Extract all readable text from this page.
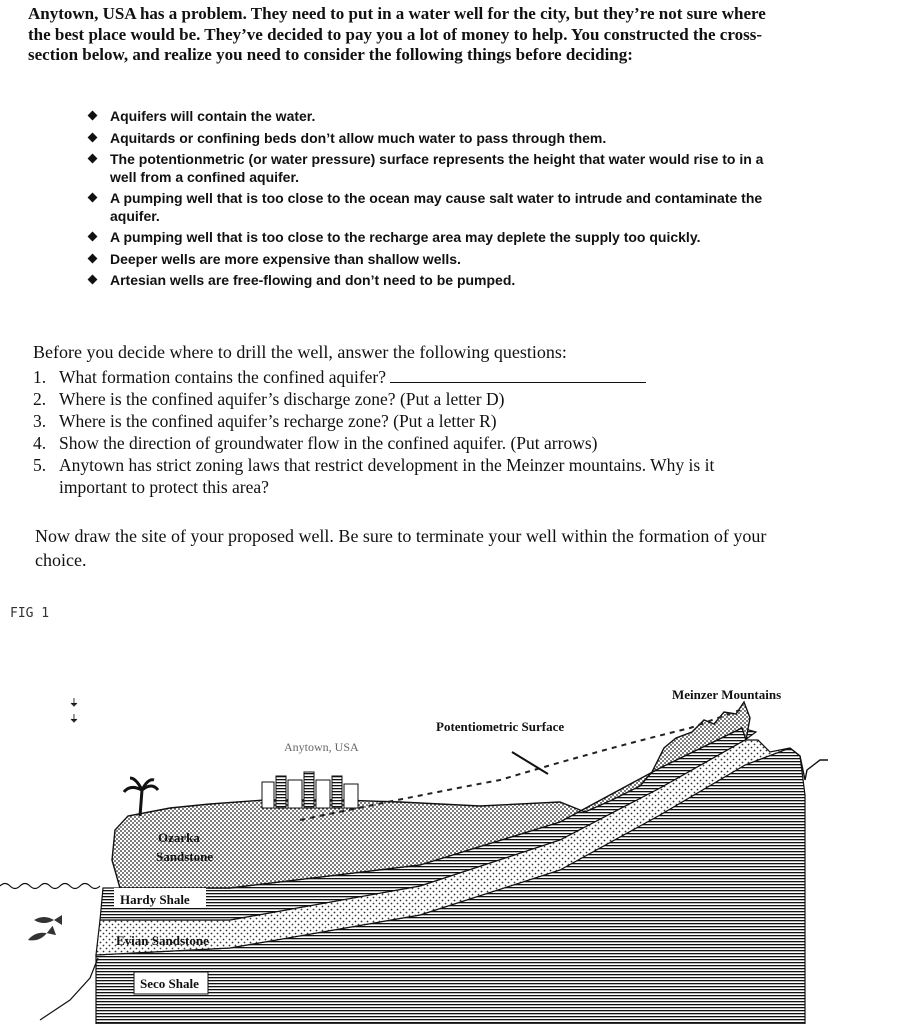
Anytown, USA has a problem. They need to put in a water well for the city, but they’re not sure where the best place would be. They’ve decided to pay you a lot of money to help. You constructed the cross-section below, and realize you need to consider the following things before deciding:

Aquifers will contain the water.
Aquitards or confining beds don’t allow much water to pass through them.
The potentionmetric (or water pressure) surface represents the height that water would rise to in a well from a confined aquifer.
A pumping well that is too close to the ocean may cause salt water to intrude and contaminate the aquifer.
A pumping well that is too close to the recharge area may deplete the supply too quickly.
Deeper wells are more expensive than shallow wells.
Artesian wells are free-flowing and don’t need to be pumped.

Before you decide where to drill the well, answer the following questions:

1. What formation contains the confined aquifer?
2. Where is the confined aquifer’s discharge zone? (Put a letter D)
3. Where is the confined aquifer’s recharge zone? (Put a letter R)
4. Show the direction of groundwater flow in the confined aquifer. (Put arrows)
5. Anytown has strict zoning laws that restrict development in the Meinzer mountains. Why is it important to protect this area?

Now draw the site of your proposed well. Be sure to terminate your well within the formation of your choice.

FIG 1

Anytown, USA
Potentiometric Surface
Meinzer Mountains
Ozarka
Sandstone
Hardy Shale
Evian Sandstone
Seco Shale
